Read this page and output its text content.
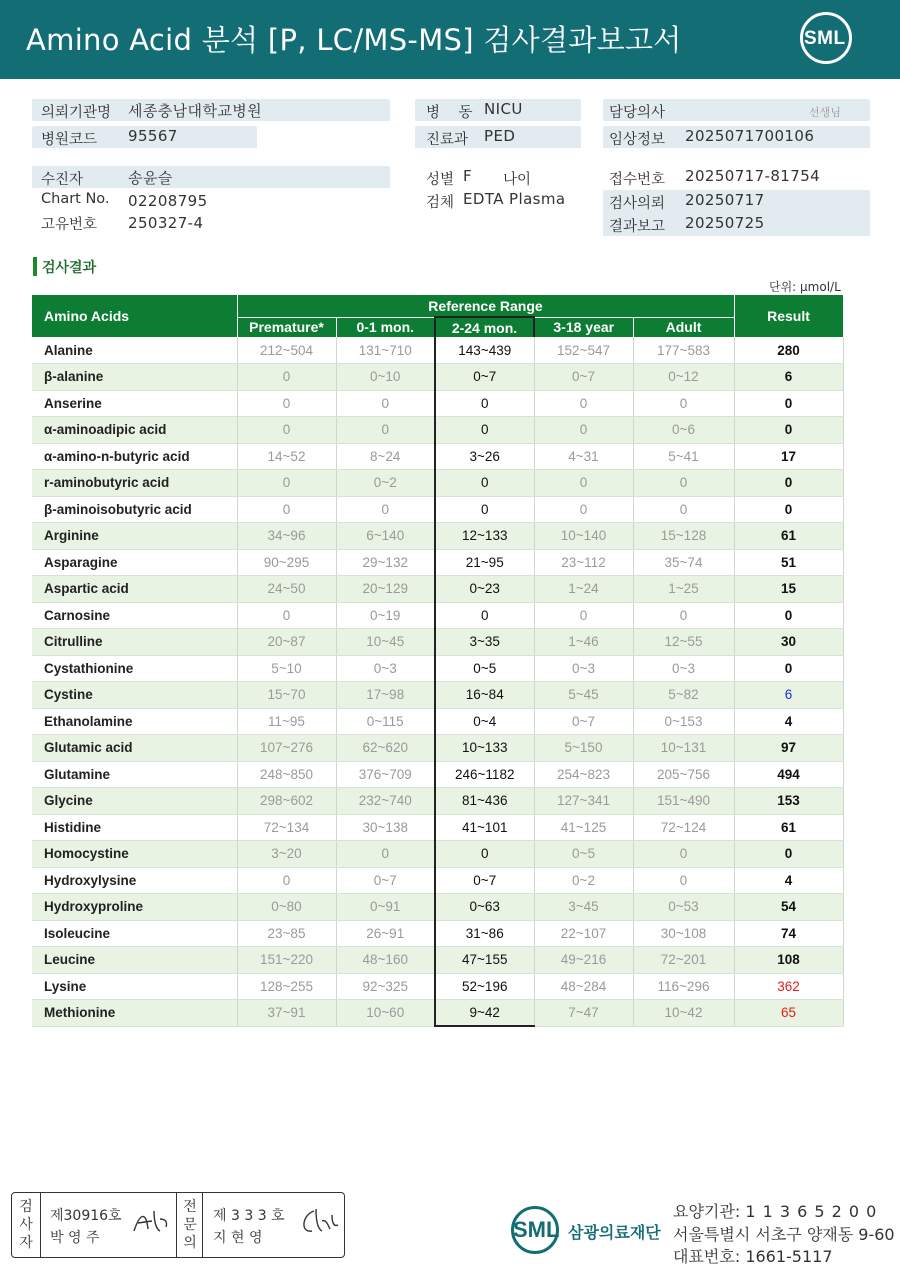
Amino Acid 분석 [P, LC/MS-MS] 검사결과보고서	SML
의뢰기관명 세종충남대학교병원
병원코드 95567
병    동 NICU
진료과 PED
담당의사	선생님
임상정보 2025071700106
수진자	송윤슬
Chart No. 02208795
고유번호 250327-4
성별 F 나이
검체 EDTA Plasma
접수번호 20250717-81754
검사의뢰 20250717
결과보고 20250725
검사결과
단위: μmol/L
Amino Acids	Reference Range					Result
	Premature*	0-1 mon.	2-24 mon.	3-18 year	Adult	
Alanine	212~504	131~710	143~439	152~547	177~583	280
β-alanine	0	0~10	0~7	0~7	0~12	6
Anserine	0	0	0	0	0	0
α-aminoadipic acid	0	0	0	0	0~6	0
α-amino-n-butyric acid	14~52	8~24	3~26	4~31	5~41	17
r-aminobutyric acid	0	0~2	0	0	0	0
β-aminoisobutyric acid	0	0	0	0	0	0
Arginine	34~96	6~140	12~133	10~140	15~128	61
Asparagine	90~295	29~132	21~95	23~112	35~74	51
Aspartic acid	24~50	20~129	0~23	1~24	1~25	15
Carnosine	0	0~19	0	0	0	0
Citrulline	20~87	10~45	3~35	1~46	12~55	30
Cystathionine	5~10	0~3	0~5	0~3	0~3	0
Cystine	15~70	17~98	16~84	5~45	5~82	6
Ethanolamine	11~95	0~115	0~4	0~7	0~153	4
Glutamic acid	107~276	62~620	10~133	5~150	10~131	97
Glutamine	248~850	376~709	246~1182	254~823	205~756	494
Glycine	298~602	232~740	81~436	127~341	151~490	153
Histidine	72~134	30~138	41~101	41~125	72~124	61
Homocystine	3~20	0	0	0~5	0	0
Hydroxylysine	0	0~7	0~7	0~2	0	4
Hydroxyproline	0~80	0~91	0~63	3~45	0~53	54
Isoleucine	23~85	26~91	31~86	22~107	30~108	74
Leucine	151~220	48~160	47~155	49~216	72~201	108
Lysine	128~255	92~325	52~196	48~284	116~296	362
Methionine	37~91	10~60	9~42	7~47	10~42	65
검
사
자
제30916호
박 영 주
전
문
의
제 3 3 3 호
지 현 영	SML 삼광의료재단
요양기관: 1 1 3 6 5 2 0 0
서울특별시 서초구 양재동 9-60
대표번호: 1661-5117
